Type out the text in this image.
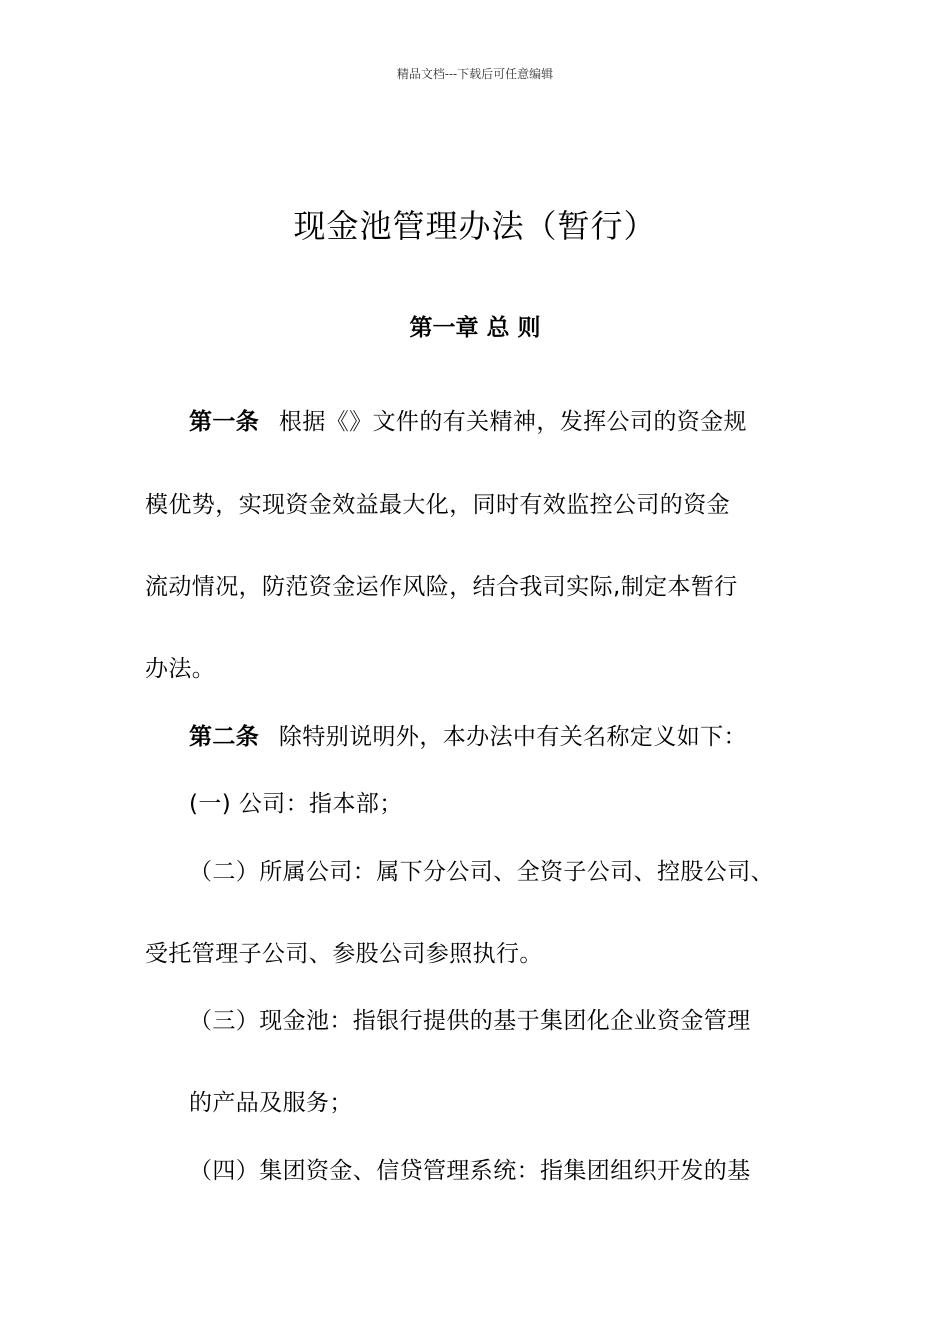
精品文档---下载后可任意编辑
现金池管理办法（暂行）
第一章 总 则
第一条 根据《》文件的有关精神，发挥公司的资金规
模优势，实现资金效益最大化，同时有效监控公司的资金
流动情况，防范资金运作风险，结合我司实际,制定本暂行
办法。
第二条 除特别说明外，本办法中有关名称定义如下：
(一) 公司：指本部；
（二）所属公司：属下分公司、全资子公司、控股公司、
受托管理子公司、参股公司参照执行。
（三）现金池：指银行提供的基于集团化企业资金管理
的产品及服务；
（四）集团资金、信贷管理系统：指集团组织开发的基
